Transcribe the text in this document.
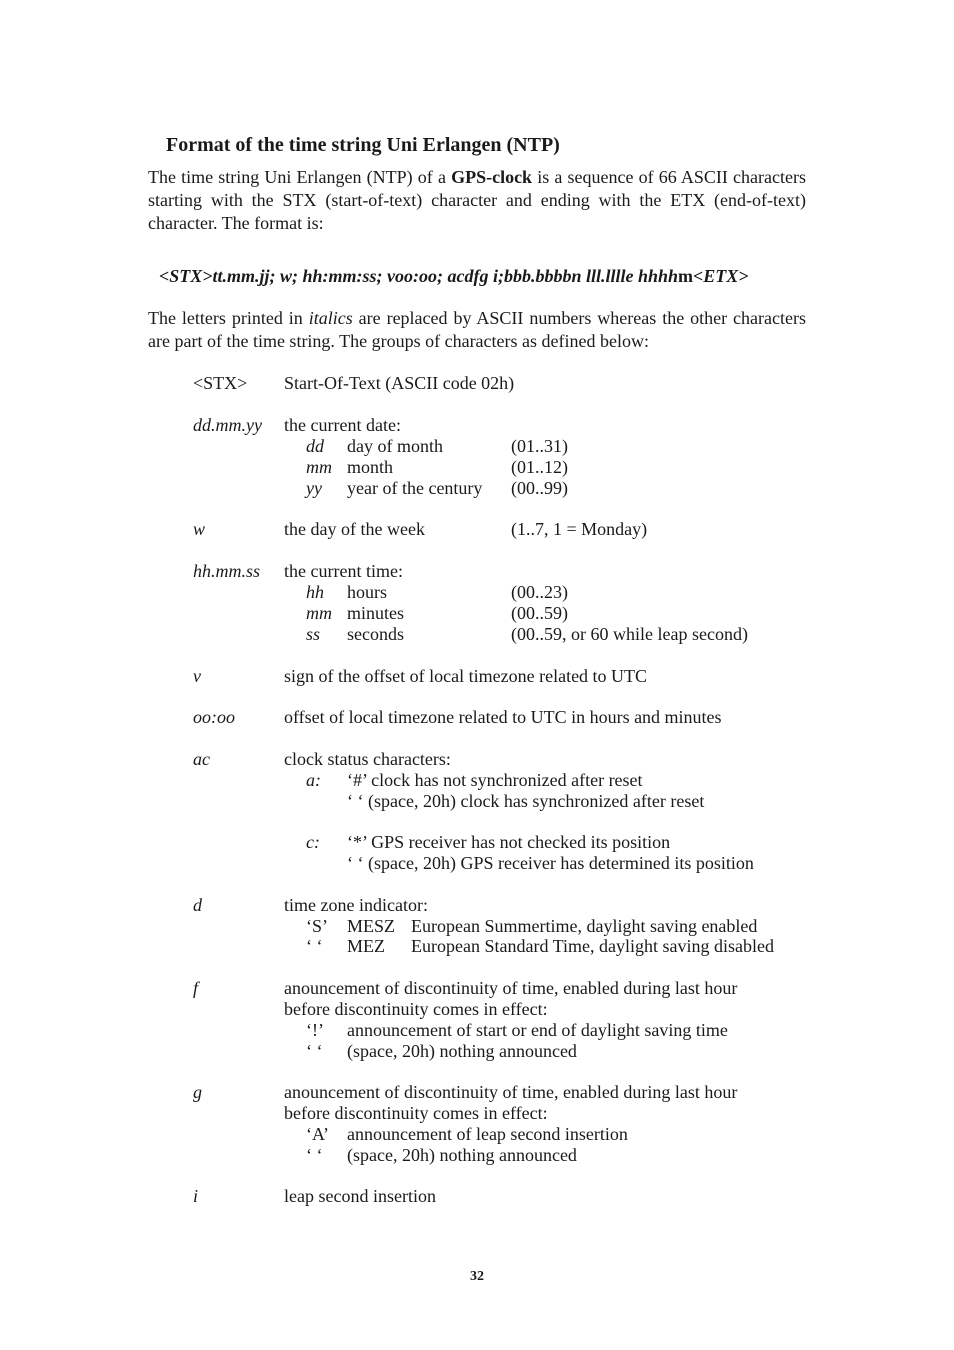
Format of the time string Uni Erlangen (NTP)

The time string Uni Erlangen (NTP) of a GPS-clock is a sequence of 66 ASCII characters starting with the STX (start-of-text) character and ending with the ETX (end-of-text) character. The format is:

<STX>tt.mm.jj; w; hh:mm:ss; voo:oo; acdfg i;bbb.bbbbn lll.lllle hhhhm<ETX>

The letters printed in italics are replaced by ASCII numbers whereas the other characters are part of the time string. The groups of characters as defined below:

<STX> Start-Of-Text (ASCII code 02h)
dd.mm.yy the current date:
dd day of month	(01..31)
mm month	(01..12)
yy year of the century (00..99)
w	the day of the week	(1..7, 1 = Monday)
hh.mm.ss the current time:
hh hours	(00..23)
mm minutes	(00..59)
ss seconds	(00..59, or 60 while leap second)
v	sign of the offset of local timezone related to UTC
oo:oo	offset of local timezone related to UTC in hours and minutes
ac	clock status characters:
a: ‘#’ clock has not synchronized after reset
‘ ‘ (space, 20h) clock has synchronized after reset
c: ‘*’ GPS receiver has not checked its position
‘ ‘ (space, 20h) GPS receiver has determined its position
d	time zone indicator:
‘S’ MESZ European Summertime, daylight saving enabled
‘ ‘ MEZ European Standard Time, daylight saving disabled
f	anouncement of discontinuity of time, enabled during last hour
before discontinuity comes in effect:
‘!’ announcement of start or end of daylight saving time
‘ ‘ (space, 20h) nothing announced
g	anouncement of discontinuity of time, enabled during last hour
before discontinuity comes in effect:
‘A’ announcement of leap second insertion
‘ ‘ (space, 20h) nothing announced
i	leap second insertion
32
